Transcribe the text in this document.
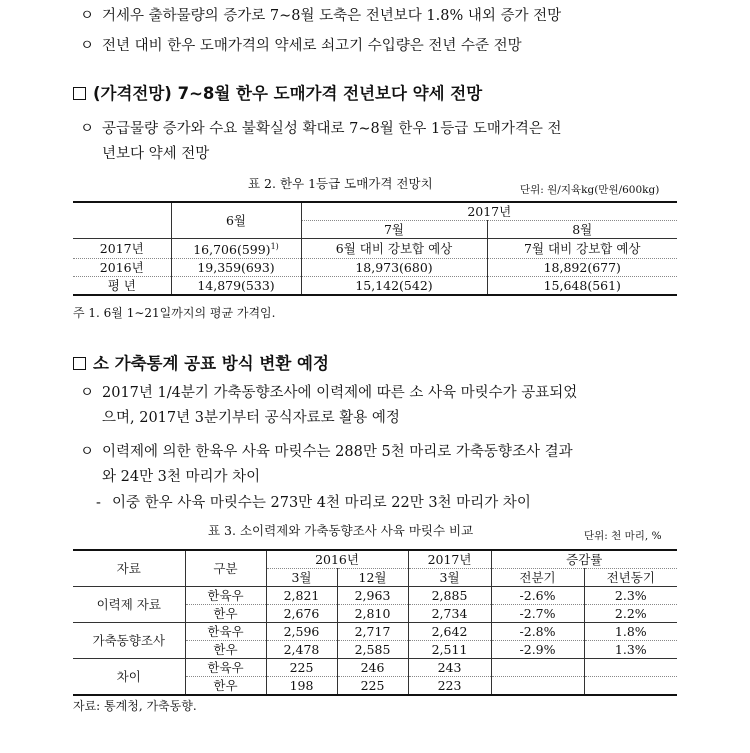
ㅇ 거세우 출하물량의 증가로 7∼8월 도축은 전년보다 1.8% 내외 증가 전망
ㅇ 전년 대비 한우 도매가격의 약세로 쇠고기 수입량은 전년 수준 전망
(가격전망) 7∼8월 한우 도매가격 전년보다 약세 전망
ㅇ 공급물량 증가와 수요 불확실성 확대로 7∼8월 한우 1등급 도매가격은 전
년보다 약세 전망
표 2. 한우 1등급 도매가격 전망치	단위: 원/지육kg(만원/600kg)
	6월	2017년	
		7월	8월
2017년	$16,706(599)^{1)}$	6월 대비 강보합 예상	7월 대비 강보합 예상
2016년	19,359(693)	18,973(680)	18,892(677)
평 년	14,879(533)	15,142(542)	15,648(561)
주 1. 6월 1∼21일까지의 평균 가격임.
소 가축통계 공표 방식 변환 예정
ㅇ 2017년 1/4분기 가축동향조사에 이력제에 따른 소 사육 마릿수가 공표되었
으며, 2017년 3분기부터 공식자료로 활용 예정
ㅇ 이력제에 의한 한육우 사육 마릿수는 288만 5천 마리로 가축동향조사 결과
와 24만 3천 마리가 차이
- 이중 한우 사육 마릿수는 273만 4천 마리로 22만 3천 마리가 차이
표 3. 소이력제와 가축동향조사 사육 마릿수 비교	단위: 천 마리, %
자료	구분	2016년		2017년	증감률	
		3월	12월	3월	전분기	전년동기
이력제 자료	한육우	2,821	2,963	2,885	-2.6%	2.3%
	한우	2,676	2,810	2,734	-2.7%	2.2%
가축동향조사	한육우	2,596	2,717	2,642	-2.8%	1.8%
	한우	2,478	2,585	2,511	-2.9%	1.3%
차이	한육우	225	246	243		
	한우	198	225	223		
자료: 통계청, 가축동향.
